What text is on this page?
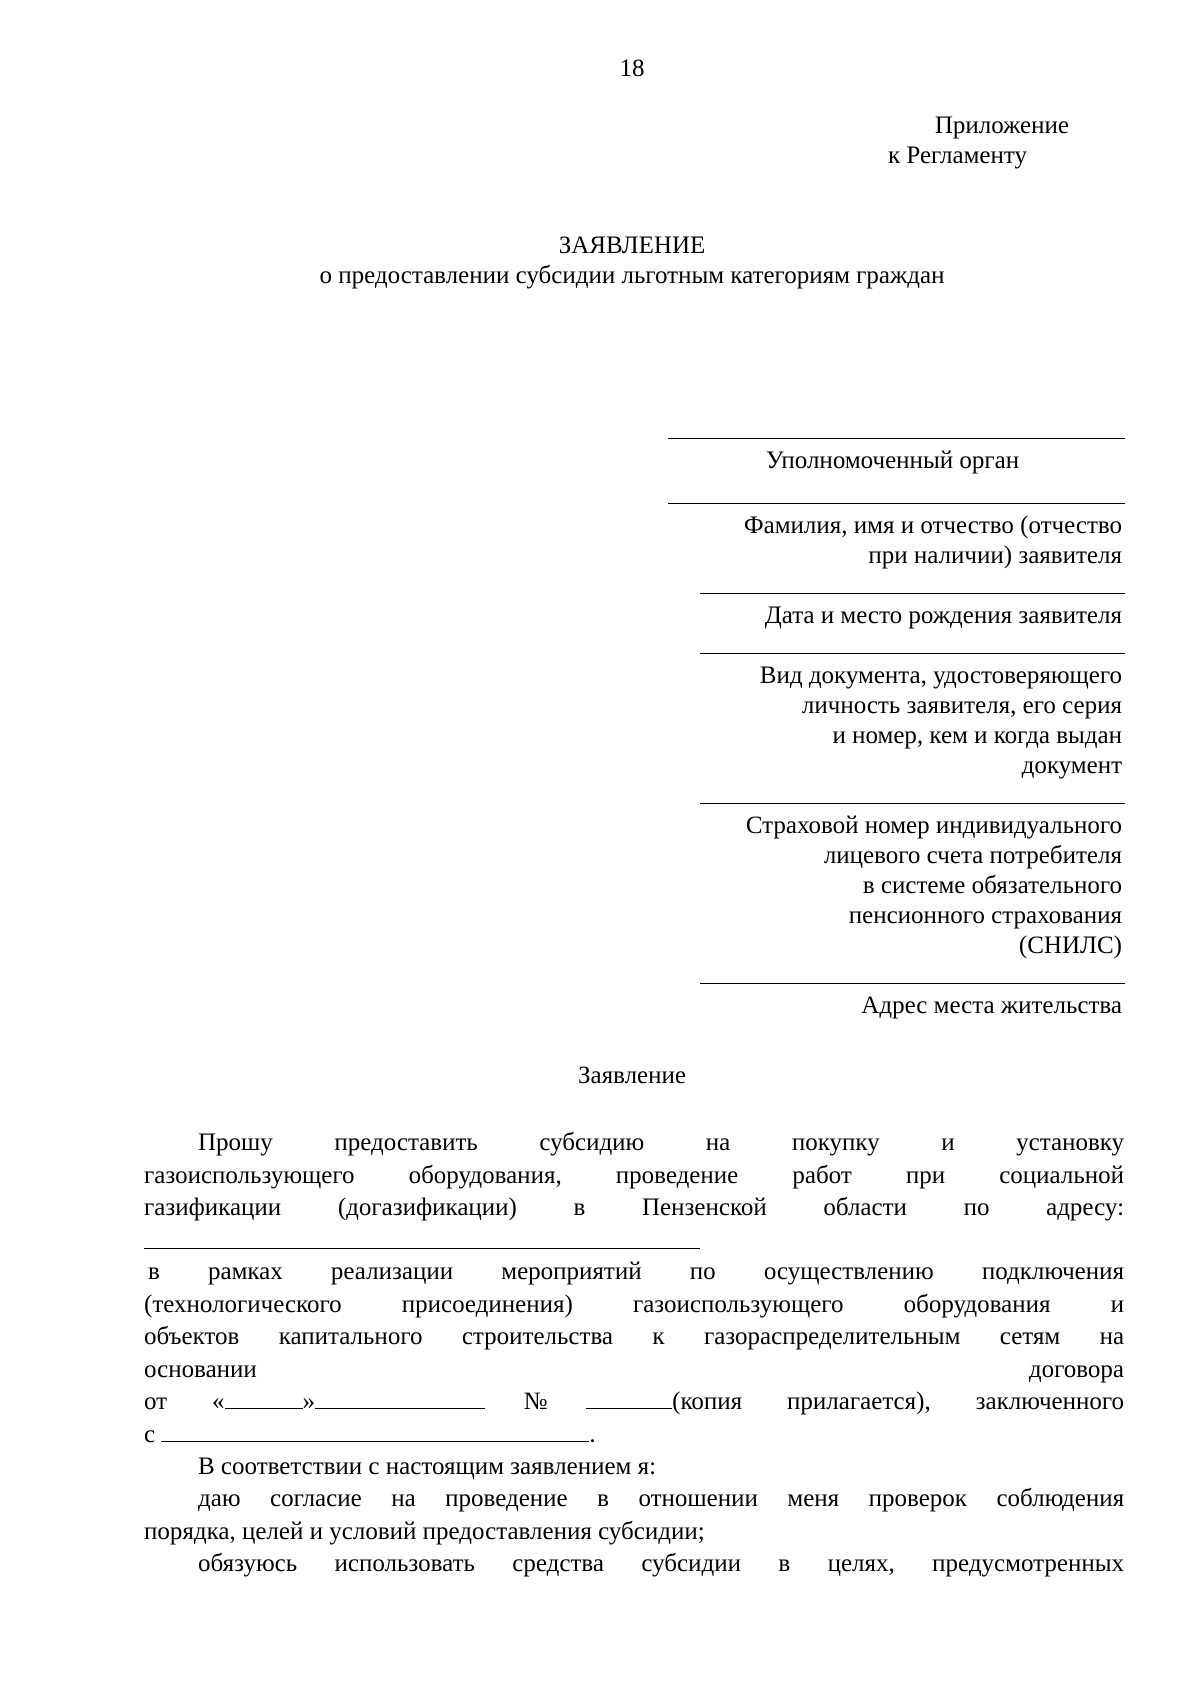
18
Приложение
к Регламенту
ЗАЯВЛЕНИЕ
о предоставлении субсидии льготным категориям граждан
Уполномоченный орган
Фамилия, имя и отчество (отчество
при наличии) заявителя
Дата и место рождения заявителя
Вид документа, удостоверяющего
личность заявителя, его серия
и номер, кем и когда выдан
документ
Страховой номер индивидуального
лицевого счета потребителя
в системе обязательного
пенсионного страхования
(СНИЛС)
Адрес места жительства
Заявление
Прошу предоставить субсидию на покупку и установку
газоиспользующего оборудования, проведение работ при социальной
газификации (догазификации) в Пензенской области по адресу:
в рамках реализации мероприятий по осуществлению подключения
(технологического присоединения) газоиспользующего оборудования и
объектов капитального строительства к газораспределительным сетям на
основании	договора
от «	»	№	(копия прилагается), заключенного
с	.
В соответствии с настоящим заявлением я:
даю согласие на проведение в отношении меня проверок соблюдения
порядка, целей и условий предоставления субсидии;
обязуюсь использовать средства субсидии в целях, предусмотренных
